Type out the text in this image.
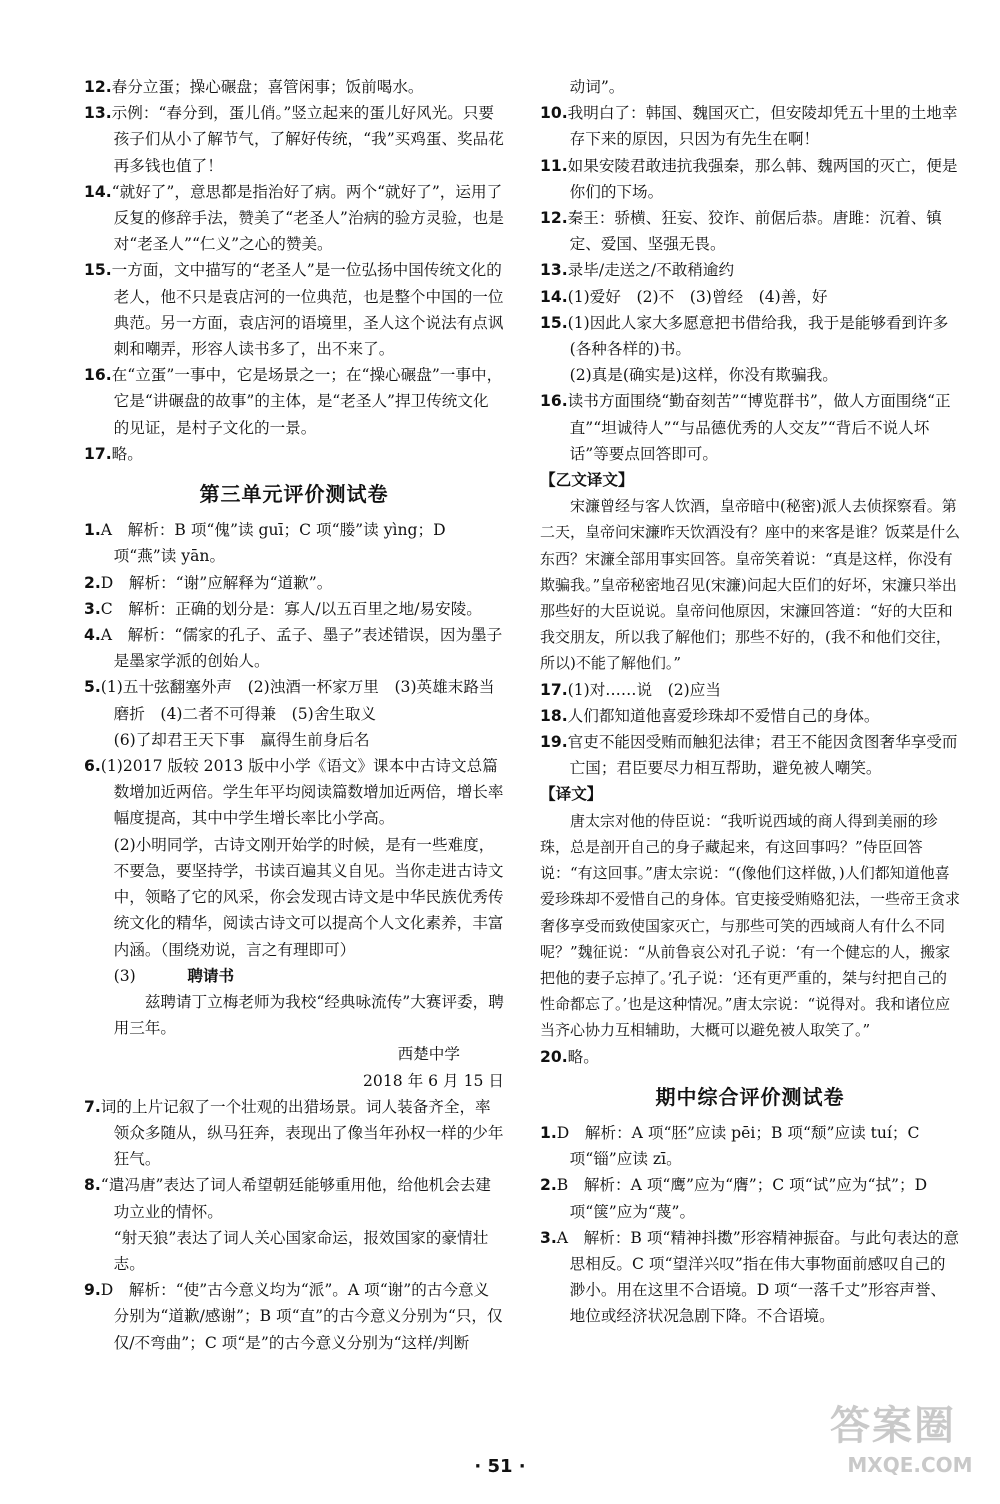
12.春分立蛋；操心碾盘；喜管闲事；饭前喝水。

13.示例：“春分到，蛋儿俏。”竖立起来的蛋儿好风光。只要孩子们从小了解节气，了解好传统，“我”买鸡蛋、奖品花再多钱也值了！

14.“就好了”，意思都是指治好了病。两个“就好了”，运用了反复的修辞手法，赞美了“老圣人”治病的验方灵验，也是对“老圣人”“仁义”之心的赞美。

15.一方面，文中描写的“老圣人”是一位弘扬中国传统文化的老人，他不只是袁店河的一位典范，也是整个中国的一位典范。另一方面，袁店河的语境里，圣人这个说法有点讽刺和嘲弄，形容人读书多了，出不来了。

16.在“立蛋”一事中，它是场景之一；在“操心碾盘”一事中，它是“讲碾盘的故事”的主体，是“老圣人”捍卫传统文化的见证，是村子文化的一景。

17.略。

第三单元评价测试卷

1.A　解析：B 项“傀”读 guī；C 项“媵”读 yìng；D 项“燕”读 yān。

2.D　解析：“谢”应解释为“道歉”。

3.C　解析：正确的划分是：寡人/以五百里之地/易安陵。

4.A　解析：“儒家的孔子、孟子、墨子”表述错误，因为墨子是墨家学派的创始人。

5.(1)五十弦翻塞外声　(2)浊酒一杯家万里　(3)英雄末路当磨折　(4)二者不可得兼　(5)舍生取义

(6)了却君王天下事　赢得生前身后名

6.(1)2017 版较 2013 版中小学《语文》课本中古诗文总篇数增加近两倍。学生年平均阅读篇数增加近两倍，增长率幅度提高，其中中学生增长率比小学高。

(2)小明同学，古诗文刚开始学的时候，是有一些难度，不要急，要坚持学，书读百遍其义自见。当你走进古诗文中，领略了它的风采，你会发现古诗文是中华民族优秀传统文化的精华，阅读古诗文可以提高个人文化素养，丰富内涵。（围绕劝说，言之有理即可）

(3)	聘请书

兹聘请丁立梅老师为我校“经典咏流传”大赛评委，聘用三年。

西楚中学

2018 年 6 月 15 日

7.词的上片记叙了一个壮观的出猎场景。词人装备齐全，率领众多随从，纵马狂奔，表现出了像当年孙权一样的少年狂气。

8.“遣冯唐”表达了词人希望朝廷能够重用他，给他机会去建功立业的情怀。

“射天狼”表达了词人关心国家命运，报效国家的豪情壮志。

9.D　解析：“使”古今意义均为“派”。A 项“谢”的古今意义分别为“道歉/感谢”；B 项“直”的古今意义分别为“只，仅仅/不弯曲”；C 项“是”的古今意义分别为“这样/判断

动词”。

10.我明白了：韩国、魏国灭亡，但安陵却凭五十里的土地幸存下来的原因，只因为有先生在啊！

11.如果安陵君敢违抗我强秦，那么韩、魏两国的灭亡，便是你们的下场。

12.秦王：骄横、狂妄、狡诈、前倨后恭。唐雎：沉着、镇定、爱国、坚强无畏。

13.录毕/走送之/不敢稍逾约

14.(1)爱好　(2)不　(3)曾经　(4)善，好

15.(1)因此人家大多愿意把书借给我，我于是能够看到许多(各种各样的)书。

(2)真是(确实是)这样，你没有欺骗我。

16.读书方面围绕“勤奋刻苦”“博览群书”，做人方面围绕“正直”“坦诚待人”“与品德优秀的人交友”“背后不说人坏话”等要点回答即可。

【乙文译文】

宋濂曾经与客人饮酒，皇帝暗中(秘密)派人去侦探察看。第二天，皇帝问宋濂昨天饮酒没有？座中的来客是谁？饭菜是什么东西？宋濂全部用事实回答。皇帝笑着说：“真是这样，你没有欺骗我。”皇帝秘密地召见(宋濂)问起大臣们的好坏，宋濂只举出那些好的大臣说说。皇帝问他原因，宋濂回答道：“好的大臣和我交朋友，所以我了解他们；那些不好的，(我不和他们交往，所以)不能了解他们。”

17.(1)对……说　(2)应当

18.人们都知道他喜爱珍珠却不爱惜自己的身体。

19.官吏不能因受贿而触犯法律；君王不能因贪图奢华享受而亡国；君臣要尽力相互帮助，避免被人嘲笑。

【译文】

唐太宗对他的侍臣说：“我听说西域的商人得到美丽的珍珠，总是剖开自己的身子藏起来，有这回事吗？”侍臣回答说：“有这回事。”唐太宗说：“(像他们这样做，)人们都知道他喜爱珍珠却不爱惜自己的身体。官吏接受贿赂犯法，一些帝王贪求奢侈享受而致使国家灭亡，与那些可笑的西域商人有什么不同呢？”魏征说：“从前鲁哀公对孔子说：‘有一个健忘的人，搬家把他的妻子忘掉了。’孔子说：‘还有更严重的，桀与纣把自己的性命都忘了。’也是这种情况。”唐太宗说：“说得对。我和诸位应当齐心协力互相辅助，大概可以避免被人取笑了。”

20.略。

期中综合评价测试卷

1.D　解析：A 项“胚”应读 pēi；B 项“颓”应读 tuí；C 项“锱”应读 zī。

2.B　解析：A 项“鹰”应为“膺”；C 项“试”应为“拭”；D 项“箧”应为“蔑”。

3.A　解析：B 项“精神抖擞”形容精神振奋。与此句表达的意思相反。C 项“望洋兴叹”指在伟大事物面前感叹自己的渺小。用在这里不合语境。D 项“一落千丈”形容声誉、地位或经济状况急剧下降。不合语境。

· 51 ·
答案圈
MXQE.COM
